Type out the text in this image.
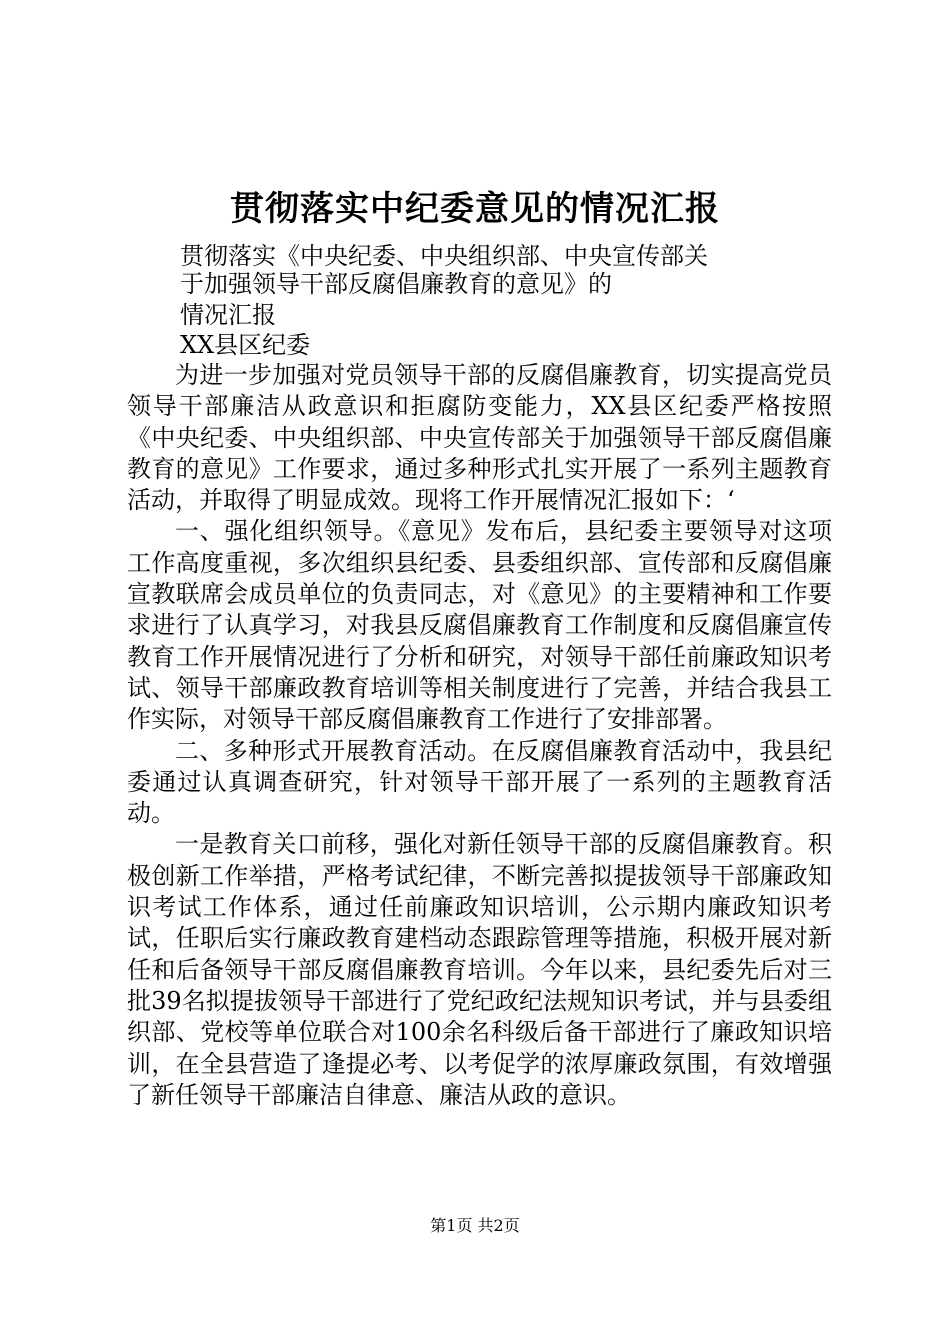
贯彻落实中纪委意见的情况汇报
贯彻落实《中央纪委、中央组织部、中央宣传部关
于加强领导干部反腐倡廉教育的意见》的
情况汇报
XX县区纪委

为进一步加强对党员领导干部的反腐倡廉教育，切实提高党员领导干部廉洁从政意识和拒腐防变能力，XX县区纪委严格按照《中央纪委、中央组织部、中央宣传部关于加强领导干部反腐倡廉教育的意见》工作要求，通过多种形式扎实开展了一系列主题教育活动，并取得了明显成效。现将工作开展情况汇报如下：‘

一、强化组织领导。《意见》发布后，县纪委主要领导对这项工作高度重视，多次组织县纪委、县委组织部、宣传部和反腐倡廉宣教联席会成员单位的负责同志，对《意见》的主要精神和工作要求进行了认真学习，对我县反腐倡廉教育工作制度和反腐倡廉宣传教育工作开展情况进行了分析和研究，对领导干部任前廉政知识考试、领导干部廉政教育培训等相关制度进行了完善，并结合我县工作实际，对领导干部反腐倡廉教育工作进行了安排部署。

二、多种形式开展教育活动。在反腐倡廉教育活动中，我县纪委通过认真调查研究，针对领导干部开展了一系列的主题教育活动。

一是教育关口前移，强化对新任领导干部的反腐倡廉教育。积极创新工作举措，严格考试纪律，不断完善拟提拔领导干部廉政知识考试工作体系，通过任前廉政知识培训，公示期内廉政知识考试，任职后实行廉政教育建档动态跟踪管理等措施，积极开展对新任和后备领导干部反腐倡廉教育培训。今年以来，县纪委先后对三批39名拟提拔领导干部进行了党纪政纪法规知识考试，并与县委组织部、党校等单位联合对100余名科级后备干部进行了廉政知识培训，在全县营造了逢提必考、以考促学的浓厚廉政氛围，有效增强了新任领导干部廉洁自律意、廉洁从政的意识。

第1页 共2页
